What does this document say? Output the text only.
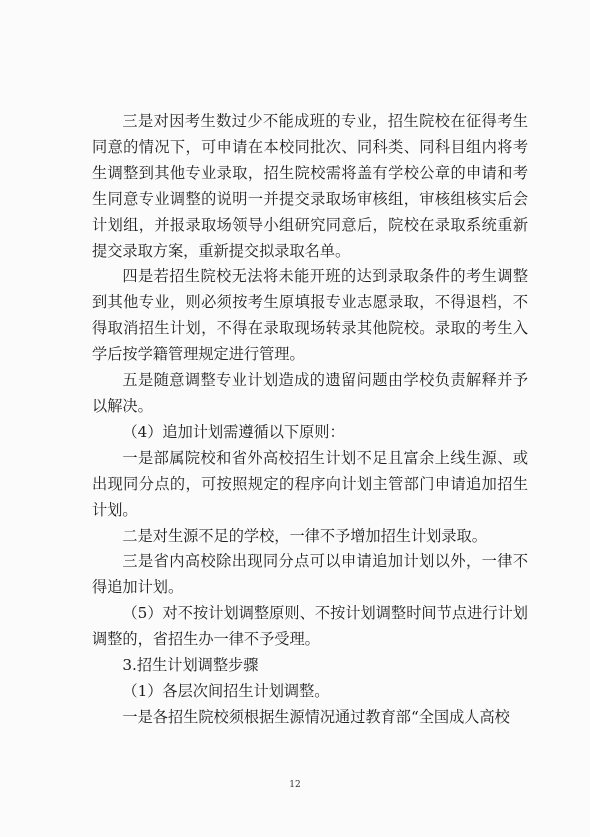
三是对因考生数过少不能成班的专业，招生院校在征得考生同意的情况下，可申请在本校同批次、同科类、同科目组内将考生调整到其他专业录取，招生院校需将盖有学校公章的申请和考生同意专业调整的说明一并提交录取场审核组，审核组核实后会计划组，并报录取场领导小组研究同意后，院校在录取系统重新提交录取方案，重新提交拟录取名单。

四是若招生院校无法将未能开班的达到录取条件的考生调整到其他专业，则必须按考生原填报专业志愿录取，不得退档，不得取消招生计划，不得在录取现场转录其他院校。录取的考生入学后按学籍管理规定进行管理。

五是随意调整专业计划造成的遗留问题由学校负责解释并予以解决。

（4）追加计划需遵循以下原则：

一是部属院校和省外高校招生计划不足且富余上线生源、或出现同分点的，可按照规定的程序向计划主管部门申请追加招生计划。

二是对生源不足的学校，一律不予增加招生计划录取。

三是省内高校除出现同分点可以申请追加计划以外，一律不得追加计划。

（5）对不按计划调整原则、不按计划调整时间节点进行计划调整的，省招生办一律不予受理。

3.招生计划调整步骤

（1）各层次间招生计划调整。

一是各招生院校须根据生源情况通过教育部“全国成人高校

12
